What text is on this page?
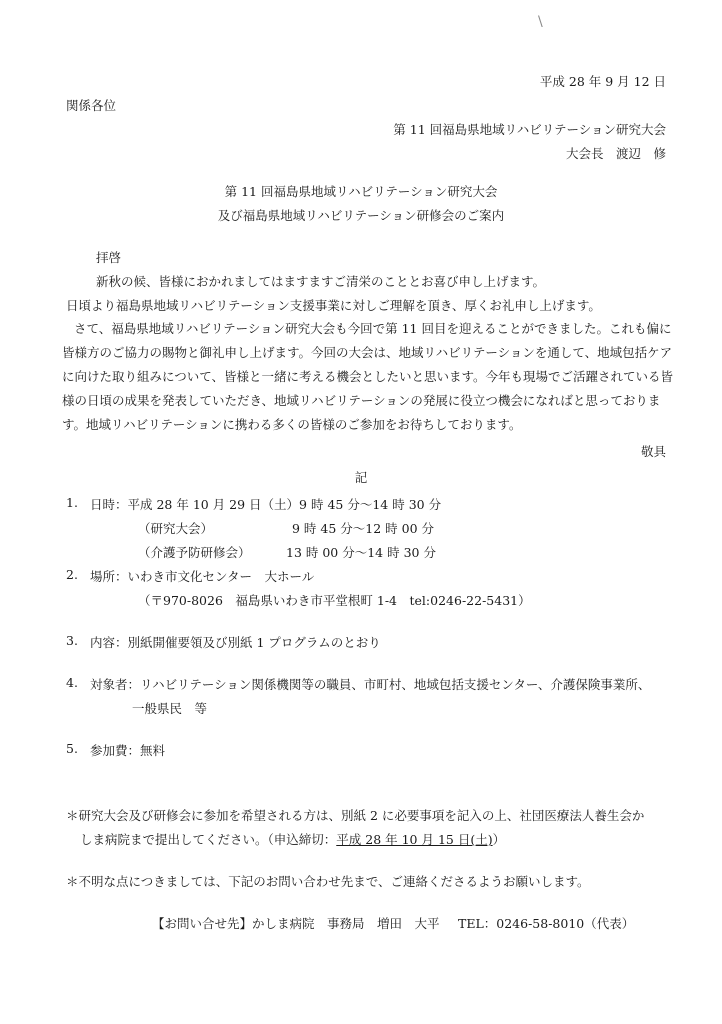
\
平成 28 年 9 月 12 日
関係各位
第 11 回福島県地域リハビリテーション研究大会
大会長　渡辺　修
第 11 回福島県地域リハビリテーション研究大会
及び福島県地域リハビリテーション研修会のご案内
拝啓
新秋の候、皆様におかれましてはますますご清栄のこととお喜び申し上げます。
日頃より福島県地域リハビリテーション支援事業に対しご理解を頂き、厚くお礼申し上げます。
さて、福島県地域リハビリテーション研究大会も今回で第 11 回目を迎えることができました。これも偏に皆様方のご協力の賜物と御礼申し上げます。今回の大会は、地域リハビリテーションを通して、地域包括ケアに向けた取り組みについて、皆様と一緒に考える機会としたいと思います。今年も現場でご活躍されている皆様の日頃の成果を発表していただき、地域リハビリテーションの発展に役立つ機会になればと思っております。地域リハビリテーションに携わる多くの皆様のご参加をお待ちしております。
敬具
記
1. 日時：平成 28 年 10 月 29 日（土）9 時 45 分～14 時 30 分
（研究大会）	9 時 45 分～12 時 00 分
（介護予防研修会）	13 時 00 分～14 時 30 分
2. 場所：いわき市文化センター　大ホール
（〒970-8026　福島県いわき市平堂根町 1-4　tel:0246-22-5431）
3. 内容：別紙開催要領及び別紙 1 プログラムのとおり
4. 対象者：リハビリテーション関係機関等の職員、市町村、地域包括支援センター、介護保険事業所、
一般県民　等
5. 参加費：無料
＊研究大会及び研修会に参加を希望される方は、別紙 2 に必要事項を記入の上、社団医療法人養生会か
しま病院まで提出してください。（申込締切：平成 28 年 10 月 15 日(土)）
＊不明な点につきましては、下記のお問い合わせ先まで、ご連絡くださるようお願いします。
【お問い合せ先】かしま病院　事務局　増田　大平 TEL：0246-58-8010（代表）
